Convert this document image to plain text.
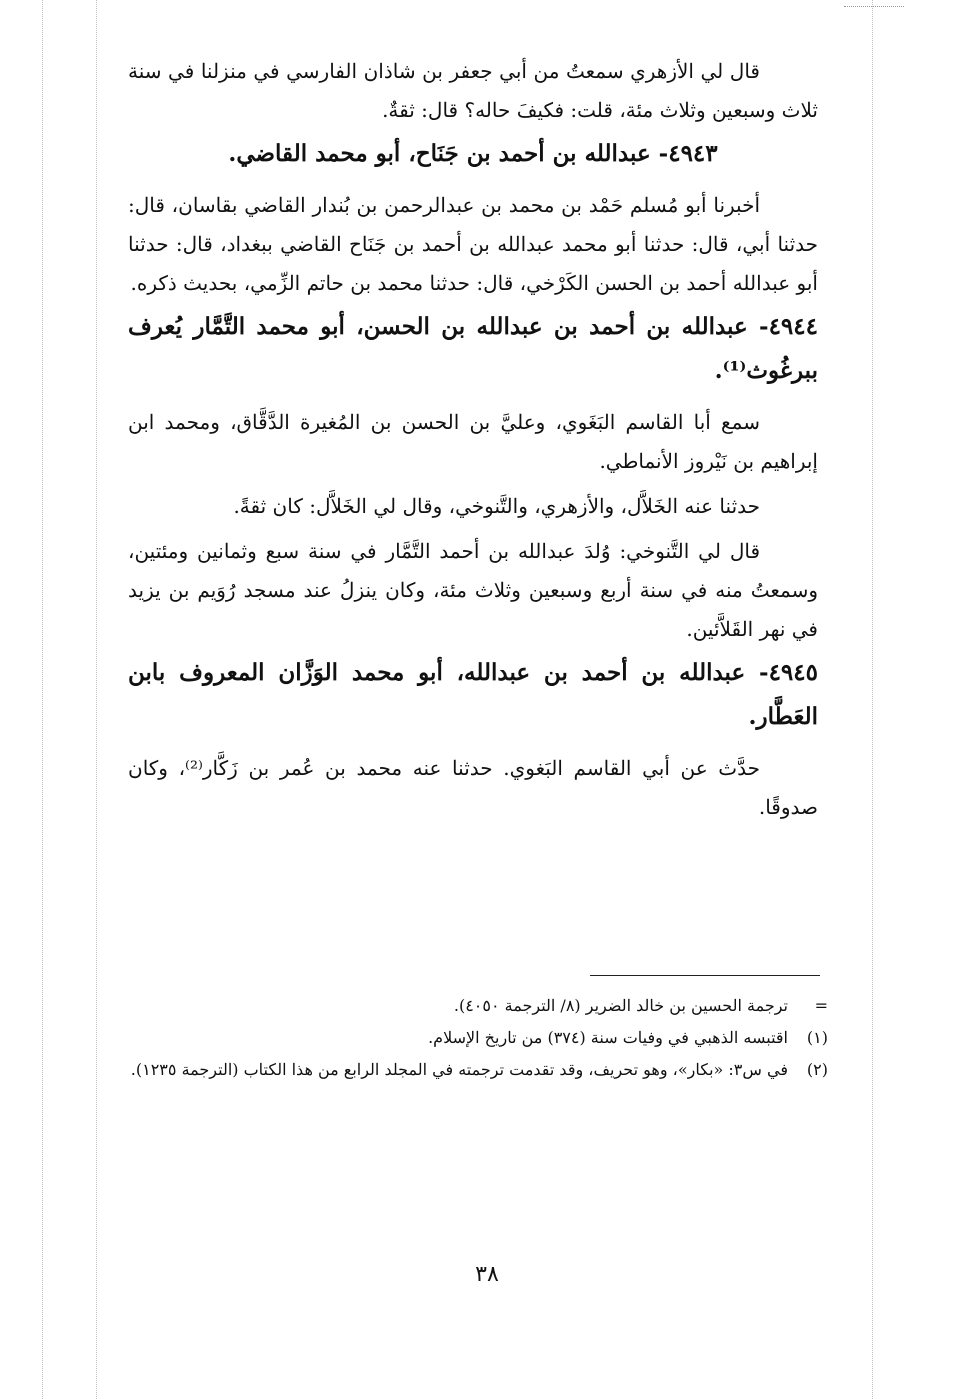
قال لي الأزهري سمعتُ من أبي جعفر بن شاذان الفارسي في منزلنا في سنة ثلاث وسبعين وثلاث مئة، قلت: فكيفَ حاله؟ قال: ثقةٌ.

٤٩٤٣- عبدالله بن أحمد بن جَنَاح، أبو محمد القاضي.

أخبرنا أبو مُسلم حَمْد بن محمد بن عبدالرحمن بن بُندار القاضي بقاسان، قال: حدثنا أبي، قال: حدثنا أبو محمد عبدالله بن أحمد بن جَنَاح القاضي ببغداد، قال: حدثنا أبو عبدالله أحمد بن الحسن الكَرْخي، قال: حدثنا محمد بن حاتم الزِّمي، بحديث ذكره.

٤٩٤٤- عبدالله بن أحمد بن عبدالله بن الحسن، أبو محمد التَّمَّار يُعرف ببرغُوث⁽¹⁾.

سمع أبا القاسم البَغَوي، وعليَّ بن الحسن بن المُغيرة الدَّقَّاق، ومحمد ابن إبراهيم بن نَيْروز الأنماطي.

حدثنا عنه الخَلاَّل، والأزهري، والتَّنوخي، وقال لي الخَلاَّل: كان ثقةً.

قال لي التَّنوخي: وُلدَ عبدالله بن أحمد التَّمَّار في سنة سبع وثمانين ومئتين، وسمعتُ منه في سنة أربع وسبعين وثلاث مئة، وكان ينزلُ عند مسجد رُوَيم بن يزيد في نهر القَلاَّئين.

٤٩٤٥- عبدالله بن أحمد بن عبدالله، أبو محمد الوَزَّان المعروف بابن العَطَّار.

حدَّث عن أبي القاسم البَغوي. حدثنا عنه محمد بن عُمر بن زَكَّار⁽²⁾، وكان صدوقًا.

=
ترجمة الحسين بن خالد الضرير (٨/ الترجمة ٤٠٥٠).
(١)
اقتبسه الذهبي في وفيات سنة (٣٧٤) من تاريخ الإسلام.
(٢)
في س٣: «بكار»، وهو تحريف، وقد تقدمت ترجمته في المجلد الرابع من هذا الكتاب (الترجمة ١٢٣٥).
٣٨
